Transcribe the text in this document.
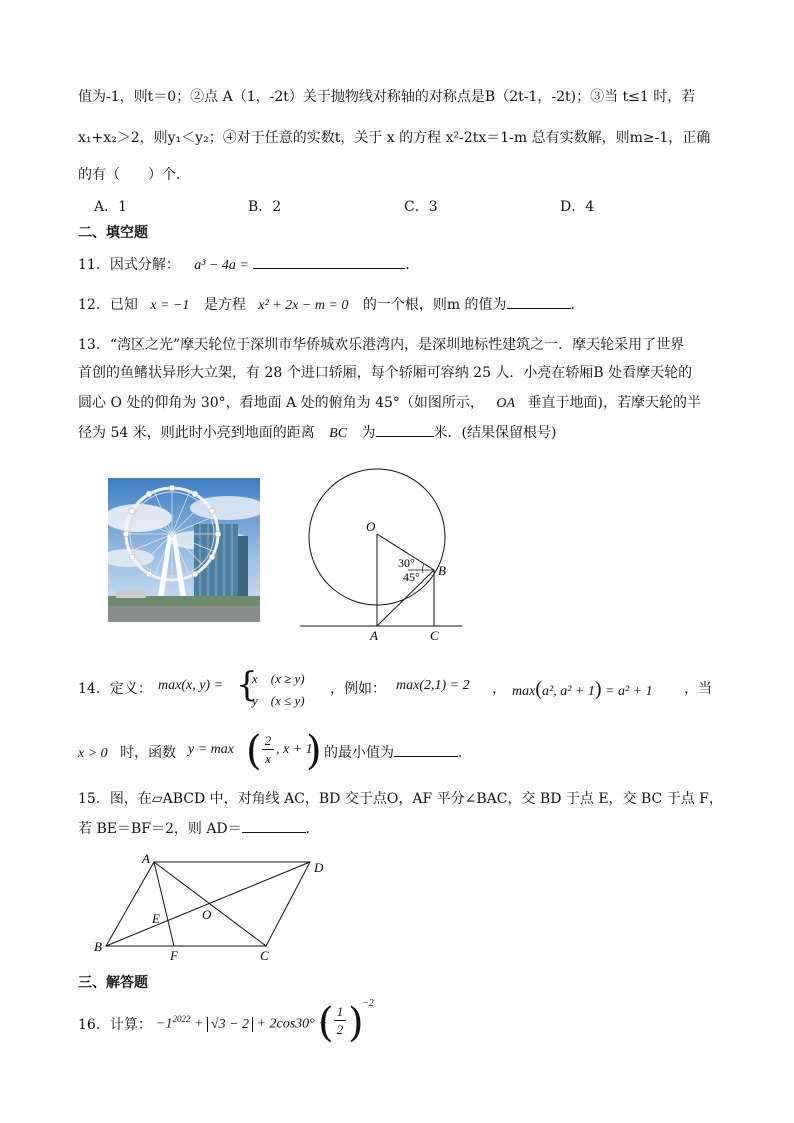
值为-1，则t＝0；②点 A（1，-2t）关于抛物线对称轴的对称点是B（2t-1，-2t)；③当 t≤1 时，若
x₁+x₂＞2，则y₁＜y₂；④对于任意的实数t，关于 x 的方程 x²-2tx＝1-m 总有实数解，则m≥-1，正确
的有（　　）个．
A．1	B．2	C．3	D．4
二、填空题
11．因式分解： a³ − 4a =	．
12．已知 x = −1 是方程 x² + 2x − m = 0 的一个根，则m 的值为	．
13．“湾区之光”摩天轮位于深圳市华侨城欢乐港湾内，是深圳地标性建筑之一．摩天轮采用了世界
首创的鱼鳍状异形大立架，有 28 个进口轿厢，每个轿厢可容纳 25 人．小亮在轿厢B 处看摩天轮的
圆心 O 处的仰角为 30°，看地面 A 处的俯角为 45°（如图所示， OA 垂直于地面)，若摩天轮的半
径为 54 米，则此时小亮到地面的距离 BC 为	米．(结果保留根号)
O
B
A	C
30°
45°
14．定义： max(x, y) = {
x　(x ≥ y)
y　(x ≤ y)
，例如： max(2,1) = 2 ， max(a², a² + 1) = a² + 1 ，当
x > 0 时，函数 y = max ( 2
x
, x + 1
) 的最小值为	．
15．图，在▱ABCD 中，对角线 AC，BD 交于点O，AF 平分∠BAC，交 BD 于点 E，交 BC 于点 F，
若 BE＝BF＝2，则 AD＝	．
A
D
B
C
F
E	O
三、解答题
16．计算： $-1^{2022} + √3 - 2 + 2\cos 30^\circ$ +
( 1
2 )
−2
